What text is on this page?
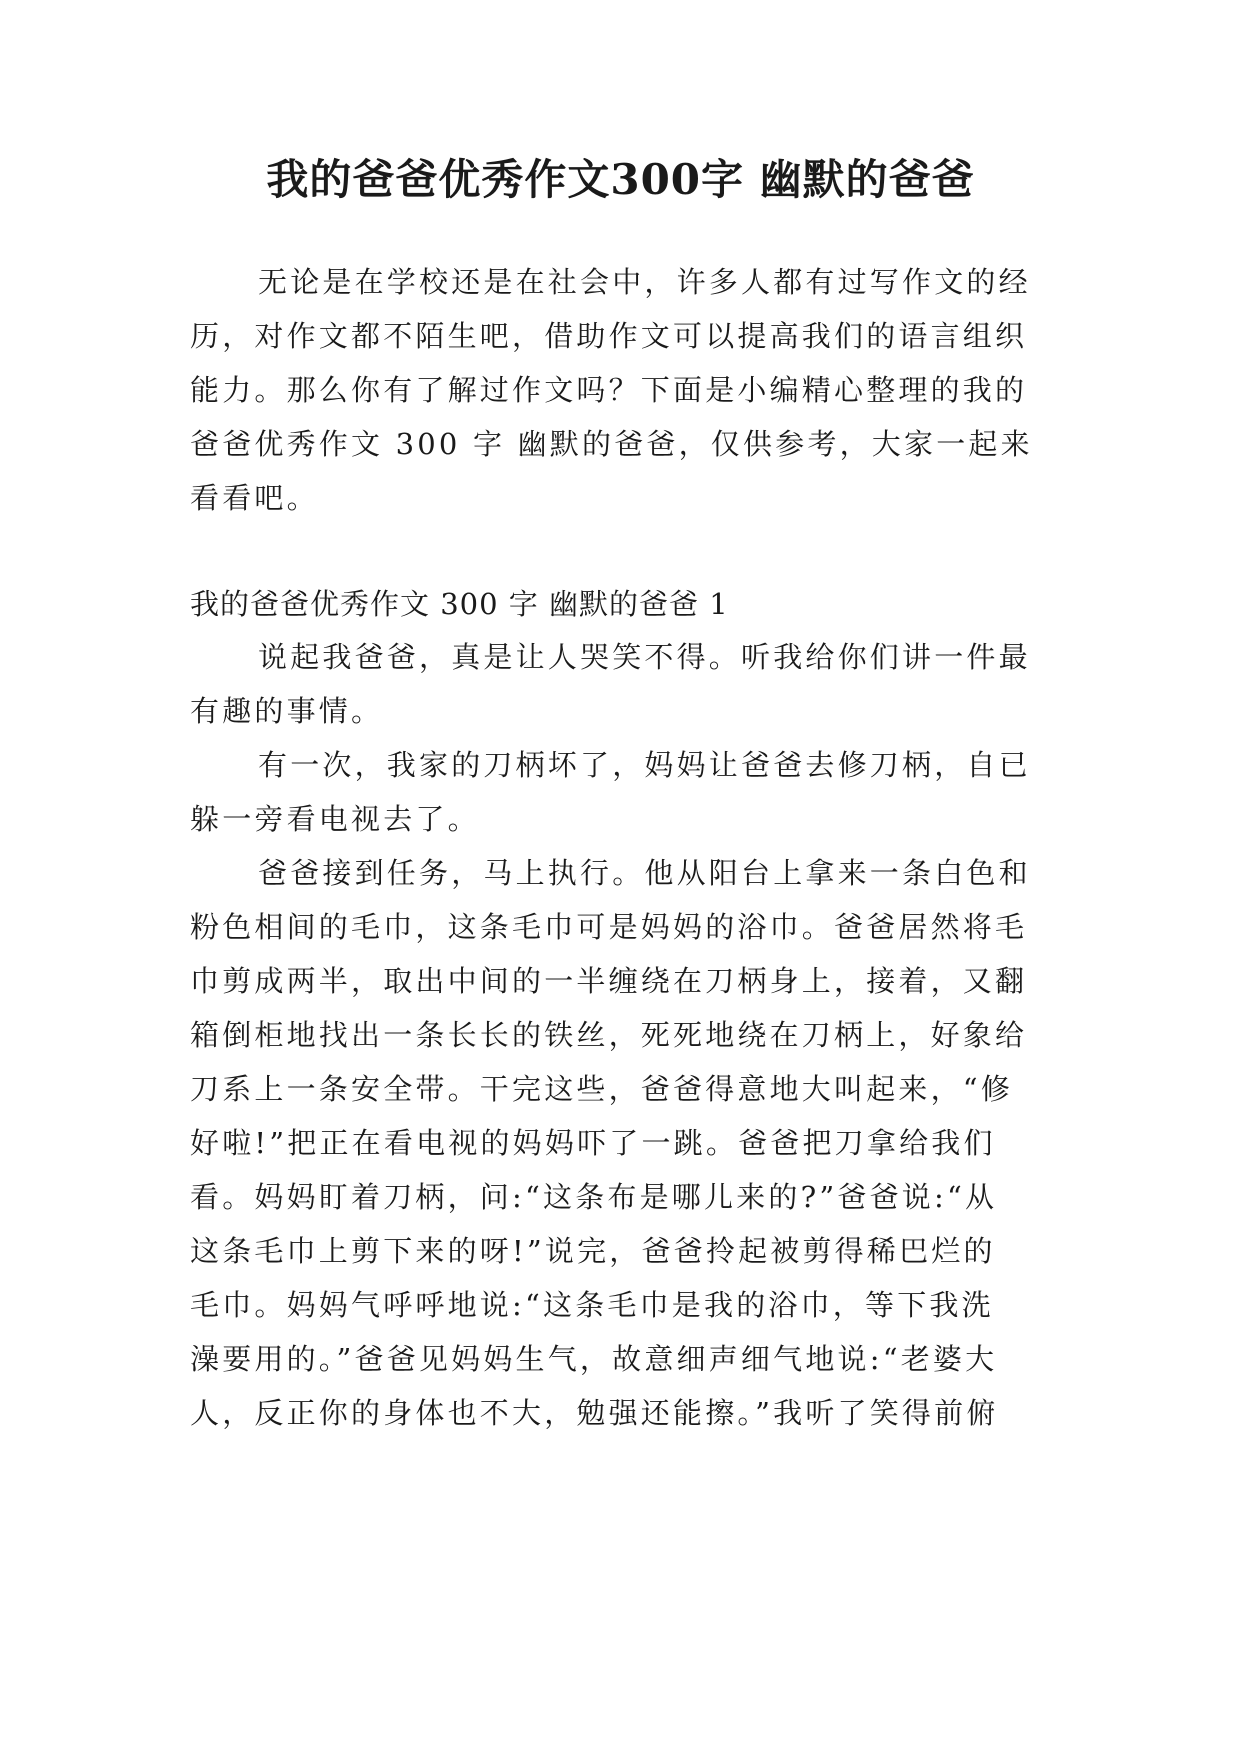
我的爸爸优秀作文300字 幽默的爸爸
无论是在学校还是在社会中，许多人都有过写作文的经
历，对作文都不陌生吧，借助作文可以提高我们的语言组织
能力。那么你有了解过作文吗？下面是小编精心整理的我的
爸爸优秀作文 300 字 幽默的爸爸，仅供参考，大家一起来
看看吧。
我的爸爸优秀作文 300 字 幽默的爸爸 1
说起我爸爸，真是让人哭笑不得。听我给你们讲一件最
有趣的事情。
有一次，我家的刀柄坏了，妈妈让爸爸去修刀柄，自已
躲一旁看电视去了。
爸爸接到任务，马上执行。他从阳台上拿来一条白色和
粉色相间的毛巾，这条毛巾可是妈妈的浴巾。爸爸居然将毛
巾剪成两半，取出中间的一半缠绕在刀柄身上，接着，又翻
箱倒柜地找出一条长长的铁丝，死死地绕在刀柄上，好象给
刀系上一条安全带。干完这些，爸爸得意地大叫起来，“修
好啦!”把正在看电视的妈妈吓了一跳。爸爸把刀拿给我们
看。妈妈盯着刀柄，问:“这条布是哪儿来的?”爸爸说:“从
这条毛巾上剪下来的呀!”说完，爸爸拎起被剪得稀巴烂的
毛巾。妈妈气呼呼地说:“这条毛巾是我的浴巾，等下我洗
澡要用的。”爸爸见妈妈生气，故意细声细气地说:“老婆大
人，反正你的身体也不大，勉强还能擦。”我听了笑得前俯
